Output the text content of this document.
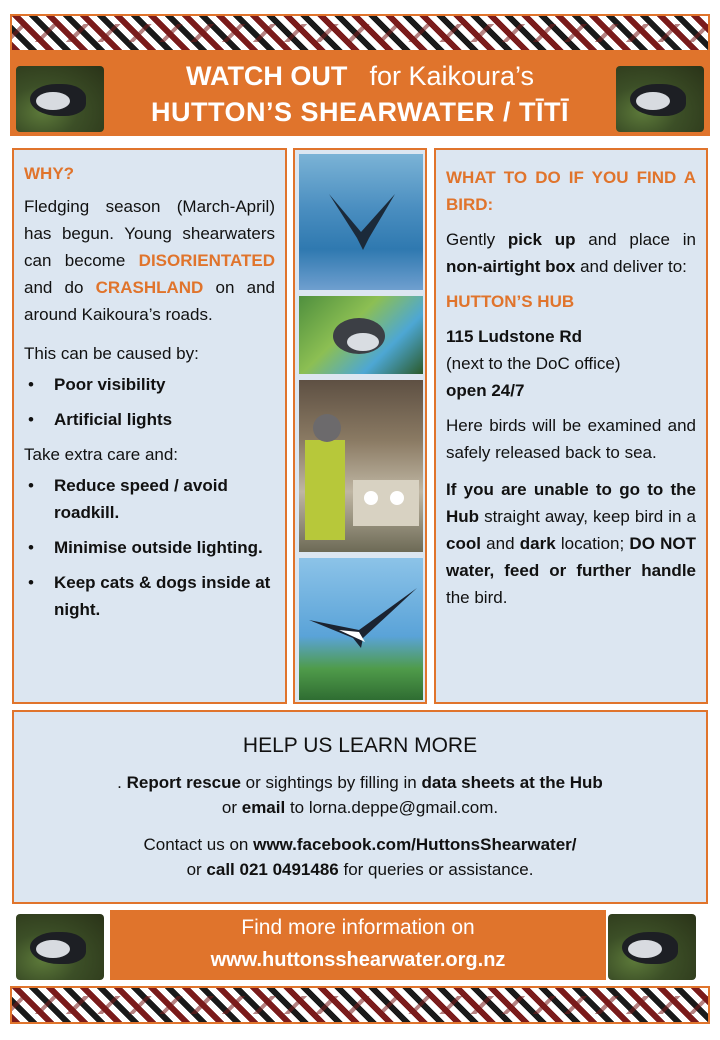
WATCH OUT for Kaikoura’s
HUTTON’S SHEARWATER / TĪTĪ

WHY?

Fledging season (March-April) has begun. Young shearwaters can become DISORIENTATED and do CRASHLAND on and around Kaikoura’s roads.

This can be caused by:

• Poor visibility
• Artificial lights

Take extra care and:

• Reduce speed / avoid roadkill.
• Minimise outside lighting.
• Keep cats & dogs inside at night.

WHAT TO DO IF YOU FIND A BIRD:

Gently pick up and place in non-airtight box and deliver to:

HUTTON’S HUB

115 Ludstone Rd
(next to the DoC office)
open 24/7

Here birds will be examined and safely released back to sea.

If you are unable to go to the Hub straight away, keep bird in a cool and dark location; DO NOT water, feed or further handle the bird.

HELP US LEARN MORE

. Report rescue or sightings by filling in data sheets at the Hub

or email to lorna.deppe@gmail.com.

Contact us on www.facebook.com/HuttonsShearwater/

or call 021 0491486 for queries or assistance.

Find more information on
www.huttonsshearwater.org.nz
